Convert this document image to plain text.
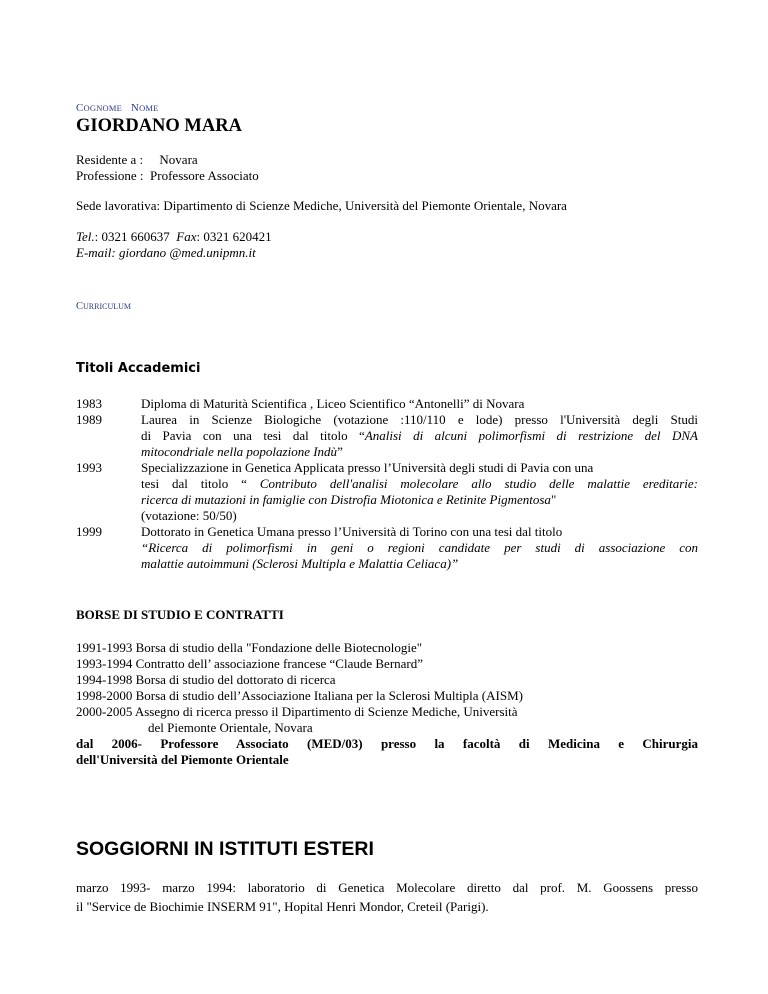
COGNOME NOME
GIORDANO MARA
Residente a : Novara
Professione : Professore Associato
Sede lavorativa: Dipartimento di Scienze Mediche, Università del Piemonte Orientale, Novara
Tel.: 0321 660637 Fax: 0321 620421
E-mail: giordano @med.unipmn.it
CURRICULUM
Titoli Accademici
1983	Diploma di Maturità Scientifica , Liceo Scientifico “Antonelli” di Novara
1989	Laurea in Scienze Biologiche (votazione :110/110 e lode) presso l'Università degli Studi
di Pavia con una tesi dal titolo “Analisi di alcuni polimorfismi di restrizione del DNA
mitocondriale nella popolazione Indù”
1993	Specializzazione in Genetica Applicata presso l’Università degli studi di Pavia con una
tesi dal titolo “ Contributo dell'analisi molecolare allo studio delle malattie ereditarie:
ricerca di mutazioni in famiglie con Distrofia Miotonica e Retinite Pigmentosa"
(votazione: 50/50)
1999	Dottorato in Genetica Umana presso l’Università di Torino con una tesi dal titolo
“Ricerca di polimorfismi in geni o regioni candidate per studi di associazione con
malattie autoimmuni (Sclerosi Multipla e Malattia Celiaca)”
BORSE DI STUDIO E CONTRATTI
1991-1993 Borsa di studio della "Fondazione delle Biotecnologie"
1993-1994 Contratto dell’ associazione francese “Claude Bernard”
1994-1998 Borsa di studio del dottorato di ricerca
1998-2000 Borsa di studio dell’Associazione Italiana per la Sclerosi Multipla (AISM)
2000-2005 Assegno di ricerca presso il Dipartimento di Scienze Mediche, Università
del Piemonte Orientale, Novara
dal 2006- Professore Associato (MED/03) presso la facoltà di Medicina e Chirurgia
dell'Università del Piemonte Orientale
SOGGIORNI IN ISTITUTI ESTERI
marzo 1993- marzo 1994: laboratorio di Genetica Molecolare diretto dal prof. M. Goossens presso
il "Service de Biochimie INSERM 91", Hopital Henri Mondor, Creteil (Parigi).
